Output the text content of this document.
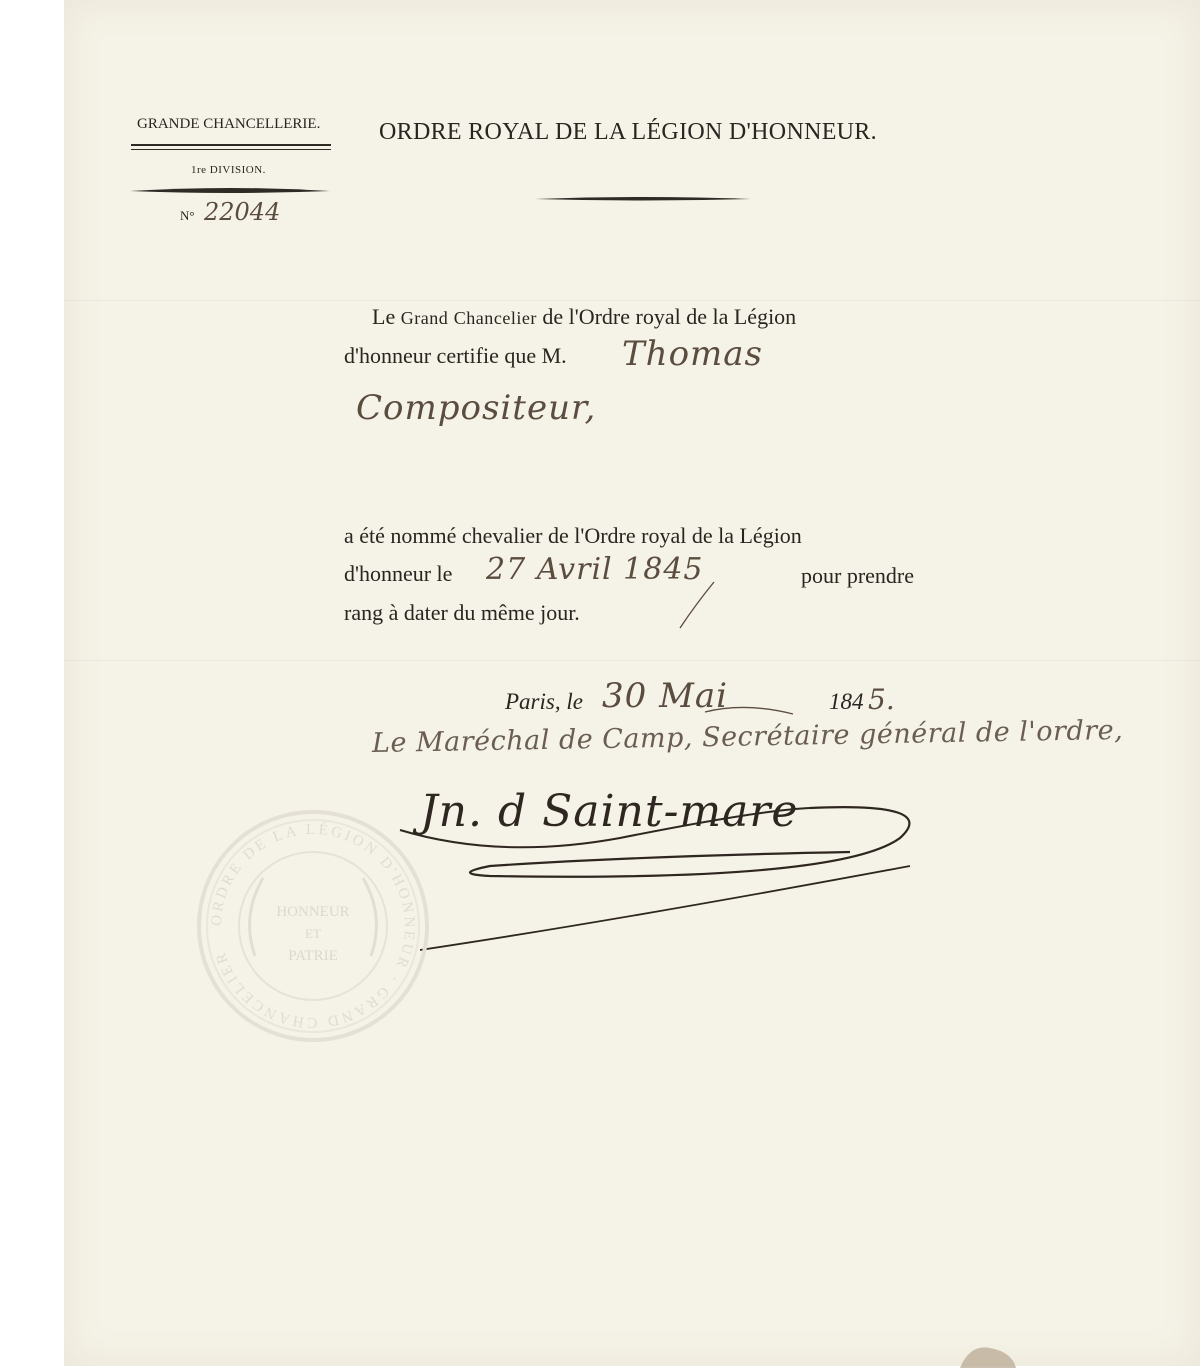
GRANDE CHANCELLERIE.
1re DIVISION.
N° 22044
ORDRE ROYAL DE LA LÉGION D'HONNEUR.
Le Grand Chancelier de l'Ordre royal de la Légion
d'honneur certifie que M. Thomas
Compositeur,
a été nommé chevalier de l'Ordre royal de la Légion
d'honneur le 27 Avril 1845	pour prendre
rang à dater du même jour.
Paris, le 30 Mai	184 5.
Le Maréchal de Camp, Secrétaire général de l'ordre,
Jn. d Saint-mare
ORDRE DE LA LÉGION D'HONNEUR · GRAND CHANCELIER
HONNEUR
ET
PATRIE
